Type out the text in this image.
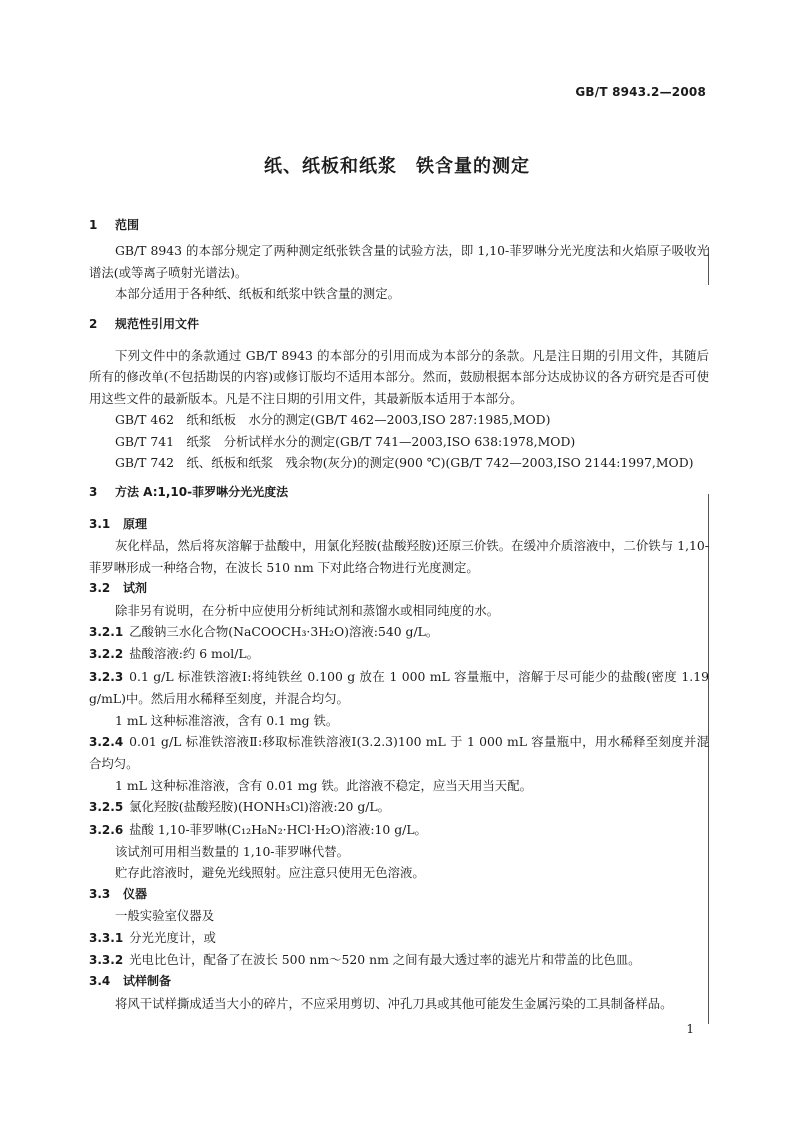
GB/T 8943.2—2008
纸、纸板和纸浆　铁含量的测定
1 范围
GB/T 8943 的本部分规定了两种测定纸张铁含量的试验方法，即 1,10-菲罗啉分光光度法和火焰原子吸收光谱法(或等离子喷射光谱法)。
本部分适用于各种纸、纸板和纸浆中铁含量的测定。
2 规范性引用文件
下列文件中的条款通过 GB/T 8943 的本部分的引用而成为本部分的条款。凡是注日期的引用文件，其随后所有的修改单(不包括勘误的内容)或修订版均不适用本部分。然而，鼓励根据本部分达成协议的各方研究是否可使用这些文件的最新版本。凡是不注日期的引用文件，其最新版本适用于本部分。
GB/T 462　纸和纸板　水分的测定(GB/T 462—2003,ISO 287:1985,MOD)
GB/T 741　纸浆　分析试样水分的测定(GB/T 741—2003,ISO 638:1978,MOD)
GB/T 742　纸、纸板和纸浆　残余物(灰分)的测定(900 ℃)(GB/T 742—2003,ISO 2144:1997,MOD)
3 方法 A:1,10-菲罗啉分光光度法
3.1 原理
灰化样品，然后将灰溶解于盐酸中，用氯化羟胺(盐酸羟胺)还原三价铁。在缓冲介质溶液中，二价铁与 1,10-菲罗啉形成一种络合物，在波长 510 nm 下对此络合物进行光度测定。
3.2 试剂
除非另有说明，在分析中应使用分析纯试剂和蒸馏水或相同纯度的水。
3.2.1 乙酸钠三水化合物(NaCOOCH₃·3H₂O)溶液:540 g/L。
3.2.2 盐酸溶液:约 6 mol/L。
3.2.3 0.1 g/L 标准铁溶液Ⅰ:将纯铁丝 0.100 g 放在 1 000 mL 容量瓶中，溶解于尽可能少的盐酸(密度 1.19 g/mL)中。然后用水稀释至刻度，并混合均匀。
1 mL 这种标准溶液，含有 0.1 mg 铁。
3.2.4 0.01 g/L 标准铁溶液Ⅱ:移取标准铁溶液Ⅰ(3.2.3)100 mL 于 1 000 mL 容量瓶中，用水稀释至刻度并混合均匀。
1 mL 这种标准溶液，含有 0.01 mg 铁。此溶液不稳定，应当天用当天配。
3.2.5 氯化羟胺(盐酸羟胺)(HONH₃Cl)溶液:20 g/L。
3.2.6 盐酸 1,10-菲罗啉(C₁₂H₈N₂·HCl·H₂O)溶液:10 g/L。
该试剂可用相当数量的 1,10-菲罗啉代替。
贮存此溶液时，避免光线照射。应注意只使用无色溶液。
3.3 仪器
一般实验室仪器及
3.3.1 分光光度计，或
3.3.2 光电比色计，配备了在波长 500 nm～520 nm 之间有最大透过率的滤光片和带盖的比色皿。
3.4 试样制备
将风干试样撕成适当大小的碎片，不应采用剪切、冲孔刀具或其他可能发生金属污染的工具制备样品。
1
